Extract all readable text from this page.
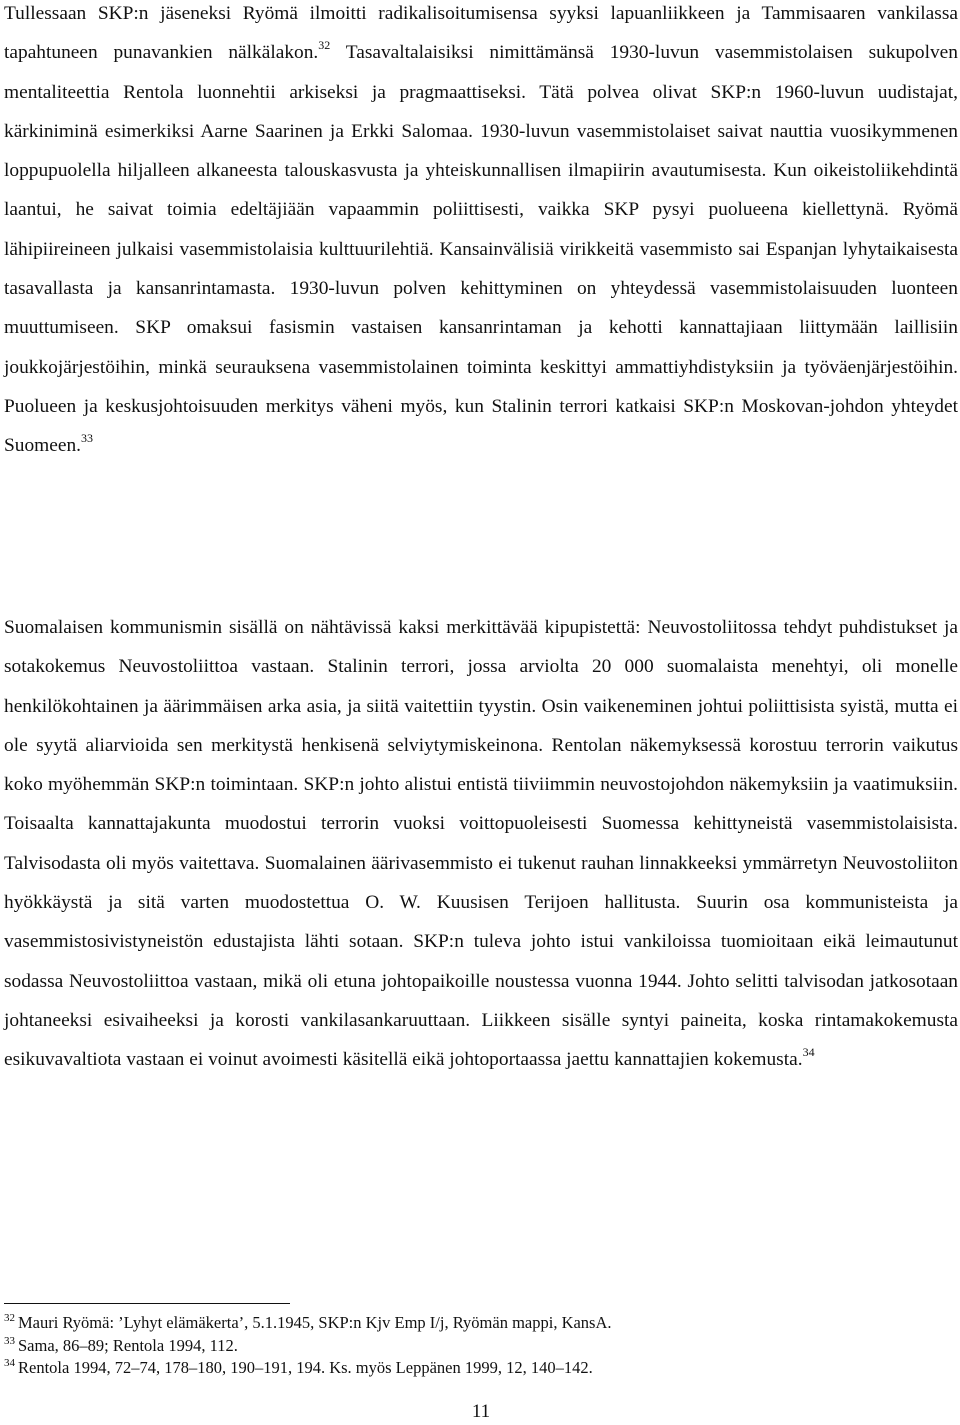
Tullessaan SKP:n jäseneksi Ryömä ilmoitti radikalisoitumisensa syyksi lapuanliikkeen ja Tammisaaren vankilassa tapahtuneen punavankien nälkälakon.$^{32}$ Tasavaltalaisiksi nimittämänsä 1930-luvun vasemmistolaisen sukupolven mentaliteettia Rentola luonnehtii arkiseksi ja pragmaattiseksi. Tätä polvea olivat SKP:n 1960-luvun uudistajat, kärkiniminä esimerkiksi Aarne Saarinen ja Erkki Salomaa. 1930-luvun vasemmistolaiset saivat nauttia vuosikymmenen loppupuolella hiljalleen alkaneesta talouskasvusta ja yhteiskunnallisen ilmapiirin avautumisesta. Kun oikeistoliikehdintä laantui, he saivat toimia edeltäjiään vapaammin poliittisesti, vaikka SKP pysyi puolueena kiellettynä. Ryömä lähipiireineen julkaisi vasemmistolaisia kulttuurilehtiä. Kansainvälisiä virikkeitä vasemmisto sai Espanjan lyhytaikaisesta tasavallasta ja kansanrintamasta. 1930-luvun polven kehittyminen on yhteydessä vasemmistolaisuuden luonteen muuttumiseen. SKP omaksui fasismin vastaisen kansanrintaman ja kehotti kannattajiaan liittymään laillisiin joukkojärjestöihin, minkä seurauksena vasemmistolainen toiminta keskittyi ammattiyhdistyksiin ja työväenjärjestöihin. Puolueen ja keskusjohtoisuuden merkitys väheni myös, kun Stalinin terrori katkaisi SKP:n Moskovan-johdon yhteydet Suomeen.$^{33}$

Suomalaisen kommunismin sisällä on nähtävissä kaksi merkittävää kipupistettä: Neuvostoliitossa tehdyt puhdistukset ja sotakokemus Neuvostoliittoa vastaan. Stalinin terrori, jossa arviolta 20 000 suomalaista menehtyi, oli monelle henkilökohtainen ja äärimmäisen arka asia, ja siitä vaitettiin tyystin. Osin vaikeneminen johtui poliittisista syistä, mutta ei ole syytä aliarvioida sen merkitystä henkisenä selviytymiskeinona. Rentolan näkemyksessä korostuu terrorin vaikutus koko myöhemmän SKP:n toimintaan. SKP:n johto alistui entistä tiiviimmin neuvostojohdon näkemyksiin ja vaatimuksiin. Toisaalta kannattajakunta muodostui terrorin vuoksi voittopuoleisesti Suomessa kehittyneistä vasemmistolaisista. Talvisodasta oli myös vaitettava. Suomalainen äärivasemmisto ei tukenut rauhan linnakkeeksi ymmärretyn Neuvostoliiton hyökkäystä ja sitä varten muodostettua O. W. Kuusisen Terijoen hallitusta. Suurin osa kommunisteista ja vasemmistosivistyneistön edustajista lähti sotaan. SKP:n tuleva johto istui vankiloissa tuomioitaan eikä leimautunut sodassa Neuvostoliittoa vastaan, mikä oli etuna johtopaikoille noustessa vuonna 1944. Johto selitti talvisodan jatkosotaan johtaneeksi esivaiheeksi ja korosti vankilasankaruuttaan. Liikkeen sisälle syntyi paineita, koska rintamakokemusta esikuvavaltiota vastaan ei voinut avoimesti käsitellä eikä johtoportaassa jaettu kannattajien kokemusta.$^{34}$

$^{32}$ Mauri Ryömä: ’Lyhyt elämäkerta’, 5.1.1945, SKP:n Kjv Emp I/j, Ryömän mappi, KansA.
$^{33}$ Sama, 86–89; Rentola 1994, 112.
$^{34}$ Rentola 1994, 72–74, 178–180, 190–191, 194. Ks. myös Leppänen 1999, 12, 140–142.
11
